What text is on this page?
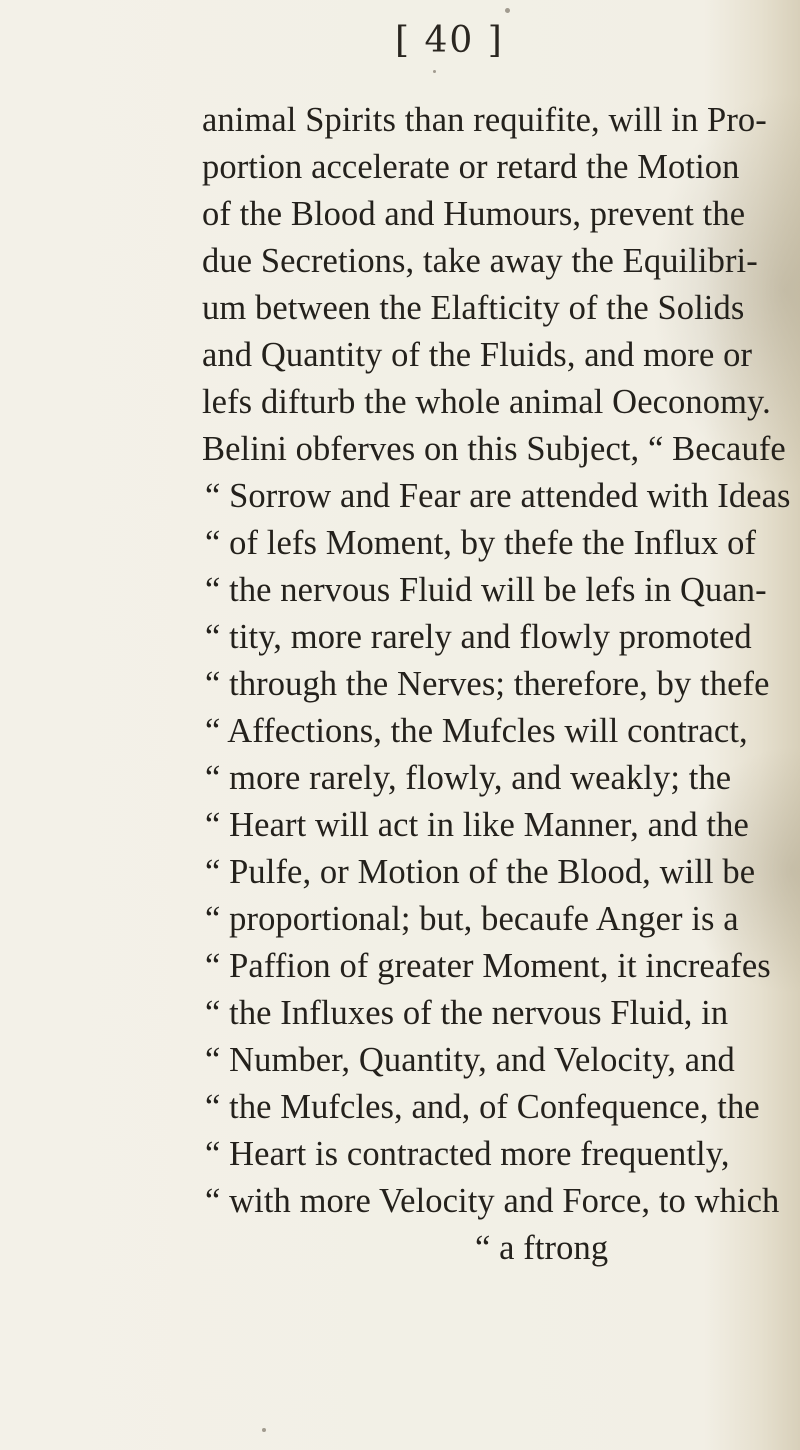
[ 40 ]
animal Spirits than requifite, will in Pro-
portion accelerate or retard the Motion
of the Blood and Humours, prevent the
due Secretions, take away the Equilibri-
um between the Elafticity of the Solids
and Quantity of the Fluids, and more or
lefs difturb the whole animal Oeconomy.
Belini obferves on this Subject, “ Becaufe
“ Sorrow and Fear are attended with Ideas
“ of lefs Moment, by thefe the Influx of
“ the nervous Fluid will be lefs in Quan-
“ tity, more rarely and flowly promoted
“ through the Nerves; therefore, by thefe
“ Affections, the Mufcles will contract,
“ more rarely, flowly, and weakly; the
“ Heart will act in like Manner, and the
“ Pulfe, or Motion of the Blood, will be
“ proportional; but, becaufe Anger is a
“ Paffion of greater Moment, it increafes
“ the Influxes of the nervous Fluid, in
“ Number, Quantity, and Velocity, and
“ the Mufcles, and, of Confequence, the
“ Heart is contracted more frequently,
“ with more Velocity and Force, to which
“ a ftrong
